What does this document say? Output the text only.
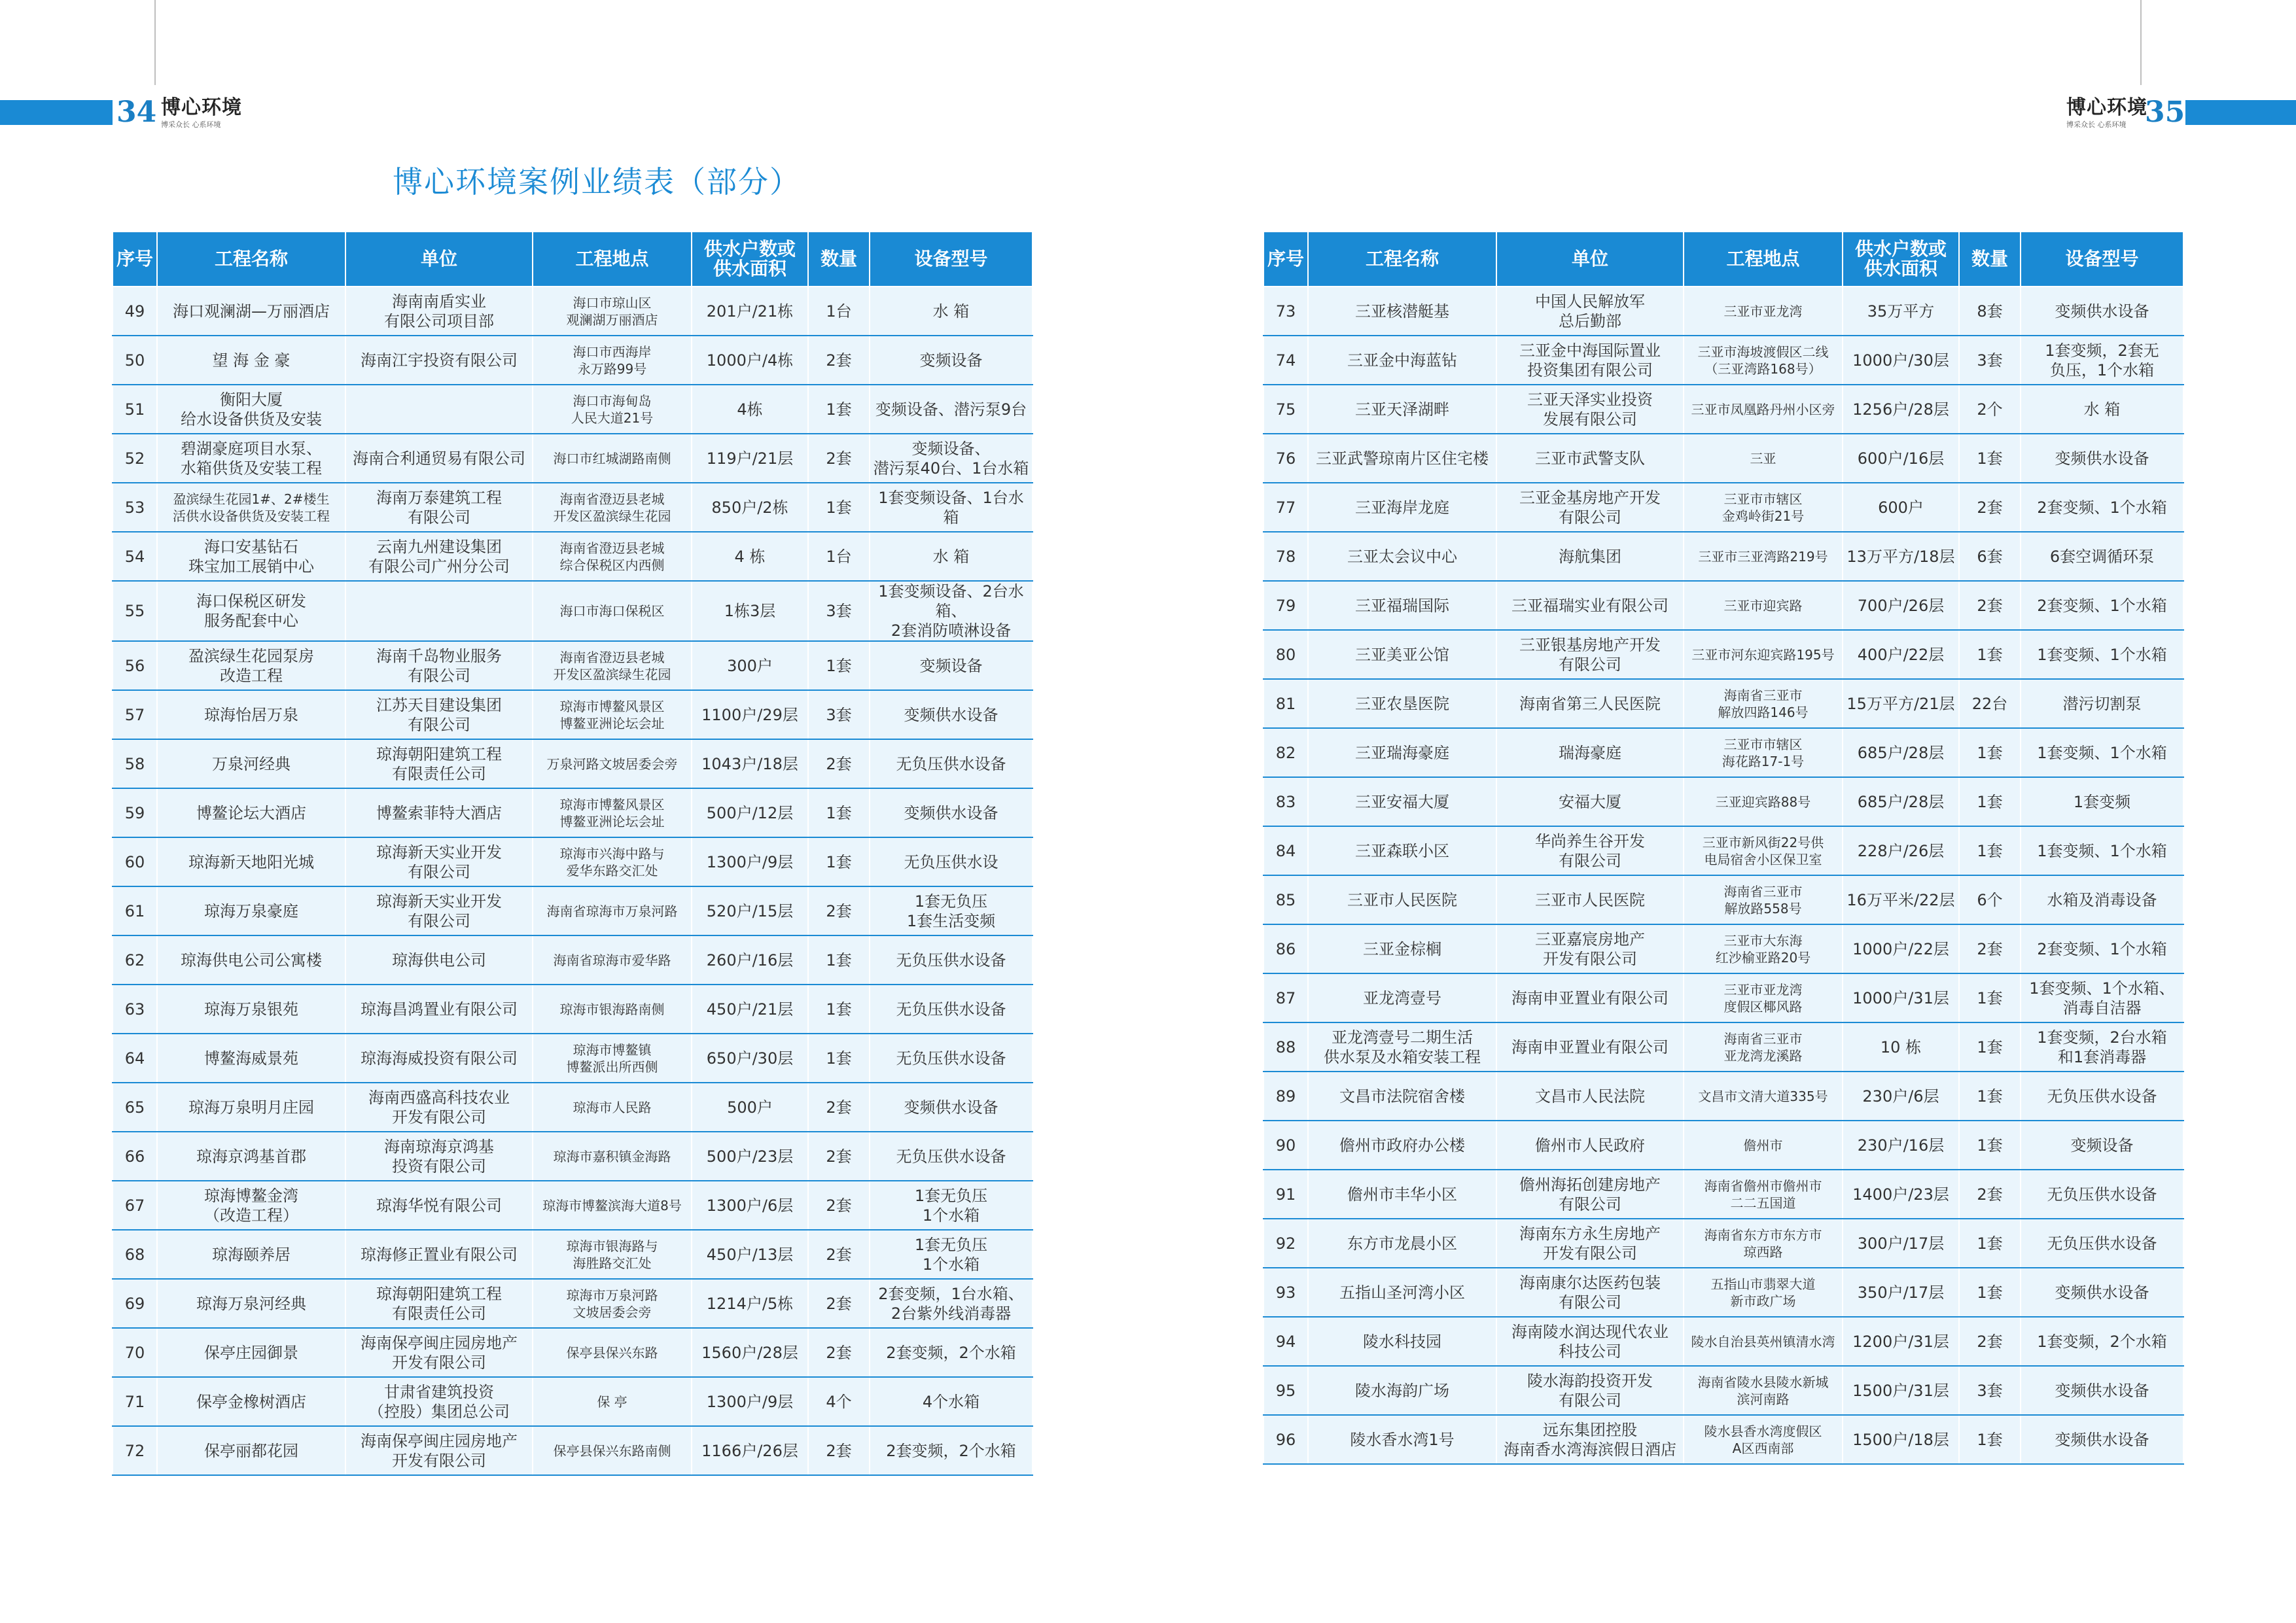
34 博心环境
博采众长 心系环境
博心环境
博采众长 心系环境 35
博心环境案例业绩表（部分）
序号	工程名称	单位	工程地点	供水户数或
供水面积	数量	设备型号
49	海口观澜湖—万丽酒店	海南南盾实业
有限公司项目部	海口市琼山区
观澜湖万丽酒店	201户/21栋	1台	水 箱
50	望 海 金 豪	海南江宇投资有限公司	海口市西海岸
永万路99号	1000户/4栋	2套	变频设备
51	衡阳大厦
给水设备供货及安装		海口市海甸岛
人民大道21号	4栋	1套	变频设备、潜污泵9台
52	碧湖豪庭项目水泵、
水箱供货及安装工程	海南合利通贸易有限公司	海口市红城湖路南侧	119户/21层	2套	变频设备、
潜污泵40台、1台水箱
53	盈滨绿生花园1#、2#楼生
活供水设备供货及安装工程	海南万泰建筑工程
有限公司	海南省澄迈县老城
开发区盈滨绿生花园	850户/2栋	1套	1套变频设备、1台水箱
54	海口安基钻石
珠宝加工展销中心	云南九州建设集团
有限公司广州分公司	海南省澄迈县老城
综合保税区内西侧	4 栋	1台	水 箱
55	海口保税区研发
服务配套中心		海口市海口保税区	1栋3层	3套	1套变频设备、2台水箱、
2套消防喷淋设备
56	盈滨绿生花园泵房
改造工程	海南千岛物业服务
有限公司	海南省澄迈县老城
开发区盈滨绿生花园	300户	1套	变频设备
57	琼海怡居万泉	江苏天目建设集团
有限公司	琼海市博鳌风景区
博鳌亚洲论坛会址	1100户/29层	3套	变频供水设备
58	万泉河经典	琼海朝阳建筑工程
有限责任公司	万泉河路文坡居委会旁	1043户/18层	2套	无负压供水设备
59	博鳌论坛大酒店	博鳌索菲特大酒店	琼海市博鳌风景区
博鳌亚洲论坛会址	500户/12层	1套	变频供水设备
60	琼海新天地阳光城	琼海新天实业开发
有限公司	琼海市兴海中路与
爱华东路交汇处	1300户/9层	1套	无负压供水设
61	琼海万泉豪庭	琼海新天实业开发
有限公司	海南省琼海市万泉河路	520户/15层	2套	1套无负压
1套生活变频
62	琼海供电公司公寓楼	琼海供电公司	海南省琼海市爱华路	260户/16层	1套	无负压供水设备
63	琼海万泉银苑	琼海昌鸿置业有限公司	琼海市银海路南侧	450户/21层	1套	无负压供水设备
64	博鳌海威景苑	琼海海威投资有限公司	琼海市博鳌镇
博鳌派出所西侧	650户/30层	1套	无负压供水设备
65	琼海万泉明月庄园	海南西盛高科技农业
开发有限公司	琼海市人民路	500户	2套	变频供水设备
66	琼海京鸿基首郡	海南琼海京鸿基
投资有限公司	琼海市嘉积镇金海路	500户/23层	2套	无负压供水设备
67	琼海博鳌金湾
（改造工程）	琼海华悦有限公司	琼海市博鳌滨海大道8号	1300户/6层	2套	1套无负压
1个水箱
68	琼海颐养居	琼海修正置业有限公司	琼海市银海路与
海胜路交汇处	450户/13层	2套	1套无负压
1个水箱
69	琼海万泉河经典	琼海朝阳建筑工程
有限责任公司	琼海市万泉河路
文坡居委会旁	1214户/5栋	2套	2套变频，1台水箱、
2台紫外线消毒器
70	保亭庄园御景	海南保亭闽庄园房地产
开发有限公司	保亭县保兴东路	1560户/28层	2套	2套变频，2个水箱
71	保亭金橡树酒店	甘肃省建筑投资
（控股）集团总公司	保 亭	1300户/9层	4个	4个水箱
72	保亭丽都花园	海南保亭闽庄园房地产
开发有限公司	保亭县保兴东路南侧	1166户/26层	2套	2套变频，2个水箱
序号	工程名称	单位	工程地点	供水户数或
供水面积	数量	设备型号
73	三亚核潜艇基	中国人民解放军
总后勤部	三亚市亚龙湾	35万平方	8套	变频供水设备
74	三亚金中海蓝钻	三亚金中海国际置业
投资集团有限公司	三亚市海坡渡假区二线
（三亚湾路168号）	1000户/30层	3套	1套变频，2套无
负压，1个水箱
75	三亚天泽湖畔	三亚天泽实业投资
发展有限公司	三亚市凤凰路丹州小区旁	1256户/28层	2个	水 箱
76	三亚武警琼南片区住宅楼	三亚市武警支队	三亚	600户/16层	1套	变频供水设备
77	三亚海岸龙庭	三亚金基房地产开发
有限公司	三亚市市辖区
金鸡岭街21号	600户	2套	2套变频、1个水箱
78	三亚太会议中心	海航集团	三亚市三亚湾路219号	13万平方/18层	6套	6套空调循环泵
79	三亚福瑞国际	三亚福瑞实业有限公司	三亚市迎宾路	700户/26层	2套	2套变频、1个水箱
80	三亚美亚公馆	三亚银基房地产开发
有限公司	三亚市河东迎宾路195号	400户/22层	1套	1套变频、1个水箱
81	三亚农垦医院	海南省第三人民医院	海南省三亚市
解放四路146号	15万平方/21层	22台	潜污切割泵
82	三亚瑞海豪庭	瑞海豪庭	三亚市市辖区
海花路17-1号	685户/28层	1套	1套变频、1个水箱
83	三亚安福大厦	安福大厦	三亚迎宾路88号	685户/28层	1套	1套变频
84	三亚森联小区	华尚养生谷开发
有限公司	三亚市新风街22号供
电局宿舍小区保卫室	228户/26层	1套	1套变频、1个水箱
85	三亚市人民医院	三亚市人民医院	海南省三亚市
解放路558号	16万平米/22层	6个	水箱及消毒设备
86	三亚金棕榈	三亚嘉宸房地产
开发有限公司	三亚市大东海
红沙榆亚路20号	1000户/22层	2套	2套变频、1个水箱
87	亚龙湾壹号	海南申亚置业有限公司	三亚市亚龙湾
度假区椰风路	1000户/31层	1套	1套变频、1个水箱、
消毒自洁器
88	亚龙湾壹号二期生活
供水泵及水箱安装工程	海南申亚置业有限公司	海南省三亚市
亚龙湾龙溪路	10 栋	1套	1套变频，2台水箱
和1套消毒器
89	文昌市法院宿舍楼	文昌市人民法院	文昌市文清大道335号	230户/6层	1套	无负压供水设备
90	儋州市政府办公楼	儋州市人民政府	儋州市	230户/16层	1套	变频设备
91	儋州市丰华小区	儋州海拓创建房地产
有限公司	海南省儋州市儋州市
二二五国道	1400户/23层	2套	无负压供水设备
92	东方市龙晨小区	海南东方永生房地产
开发有限公司	海南省东方市东方市
琼西路	300户/17层	1套	无负压供水设备
93	五指山圣河湾小区	海南康尔达医药包装
有限公司	五指山市翡翠大道
新市政广场	350户/17层	1套	变频供水设备
94	陵水科技园	海南陵水润达现代农业
科技公司	陵水自治县英州镇清水湾	1200户/31层	2套	1套变频，2个水箱
95	陵水海韵广场	陵水海韵投资开发
有限公司	海南省陵水县陵水新城
滨河南路	1500户/31层	3套	变频供水设备
96	陵水香水湾1号	远东集团控股
海南香水湾海滨假日酒店	陵水县香水湾度假区
A区西南部	1500户/18层	1套	变频供水设备
